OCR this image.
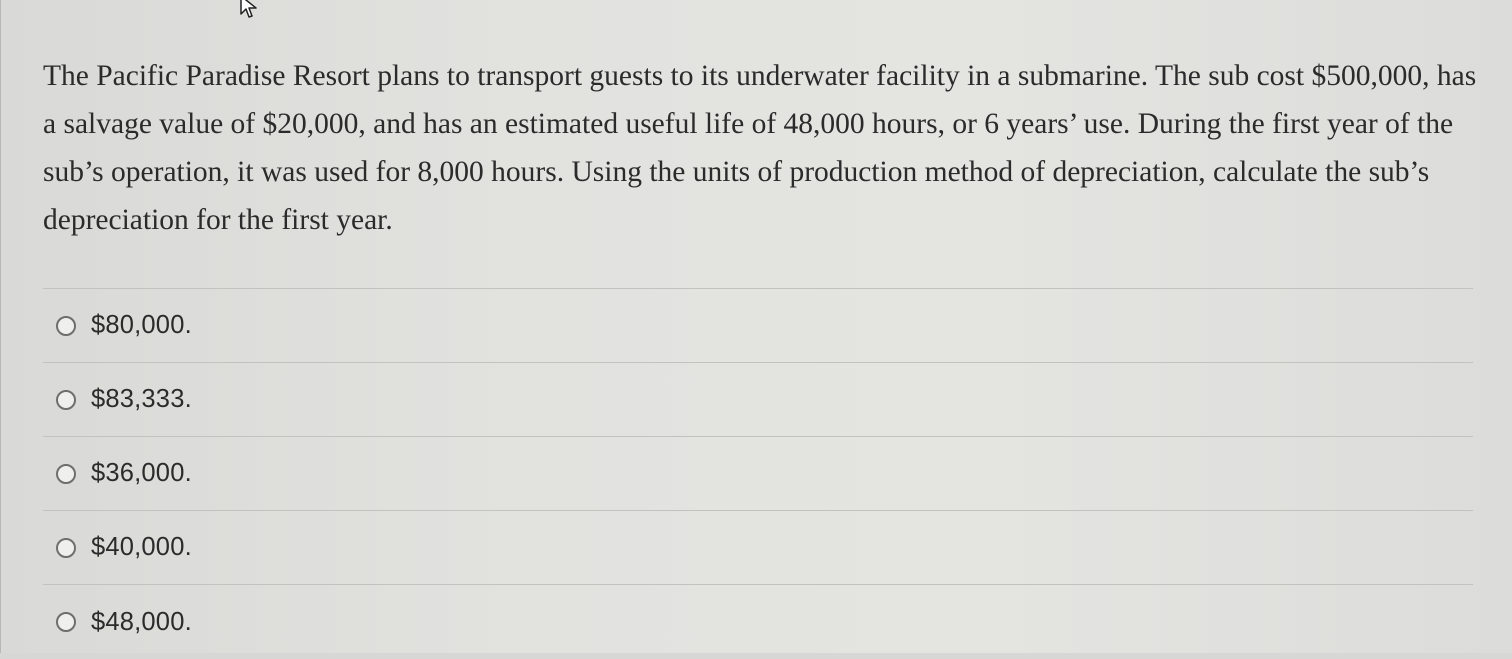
The Pacific Paradise Resort plans to transport guests to its underwater facility in a submarine. The sub cost $500,000, has a salvage value of $20,000, and has an estimated useful life of 48,000 hours, or 6 years’ use. During the first year of the sub’s operation, it was used for 8,000 hours. Using the units of production method of depreciation, calculate the sub’s depreciation for the first year.

$80,000.
$83,333.
$36,000.
$40,000.
$48,000.
